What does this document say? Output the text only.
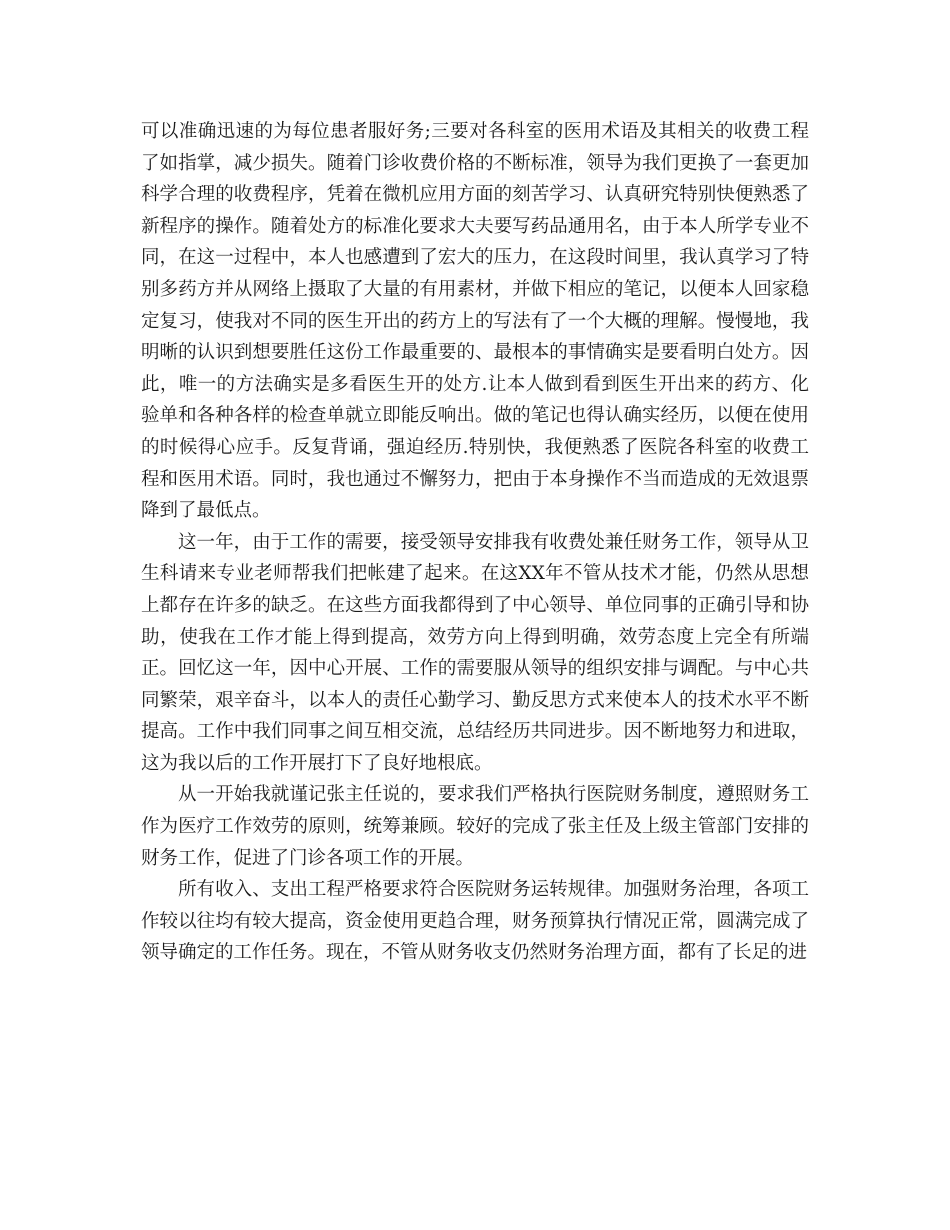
可以准确迅速的为每位患者服好务;三要对各科室的医用术语及其相关的收费工程了如指掌，减少损失。随着门诊收费价格的不断标准，领导为我们更换了一套更加科学合理的收费程序，凭着在微机应用方面的刻苦学习、认真研究特别快便熟悉了新程序的操作。随着处方的标准化要求大夫要写药品通用名，由于本人所学专业不同，在这一过程中，本人也感遭到了宏大的压力，在这段时间里，我认真学习了特别多药方并从网络上摄取了大量的有用素材，并做下相应的笔记，以便本人回家稳定复习，使我对不同的医生开出的药方上的写法有了一个大概的理解。慢慢地，我明晰的认识到想要胜任这份工作最重要的、最根本的事情确实是要看明白处方。因此，唯一的方法确实是多看医生开的处方.让本人做到看到医生开出来的药方、化验单和各种各样的检查单就立即能反响出。做的笔记也得认确实经历，以便在使用的时候得心应手。反复背诵，强迫经历.特别快，我便熟悉了医院各科室的收费工程和医用术语。同时，我也通过不懈努力，把由于本身操作不当而造成的无效退票降到了最低点。

这一年，由于工作的需要，接受领导安排我有收费处兼任财务工作，领导从卫生科请来专业老师帮我们把帐建了起来。在这XX年不管从技术才能，仍然从思想上都存在许多的缺乏。在这些方面我都得到了中心领导、单位同事的正确引导和协助，使我在工作才能上得到提高，效劳方向上得到明确，效劳态度上完全有所端正。回忆这一年，因中心开展、工作的需要服从领导的组织安排与调配。与中心共同繁荣，艰辛奋斗，以本人的责任心勤学习、勤反思方式来使本人的技术水平不断提高。工作中我们同事之间互相交流，总结经历共同进步。因不断地努力和进取，这为我以后的工作开展打下了良好地根底。

从一开始我就谨记张主任说的，要求我们严格执行医院财务制度，遵照财务工作为医疗工作效劳的原则，统筹兼顾。较好的完成了张主任及上级主管部门安排的财务工作，促进了门诊各项工作的开展。

所有收入、支出工程严格要求符合医院财务运转规律。加强财务治理，各项工作较以往均有较大提高，资金使用更趋合理，财务预算执行情况正常，圆满完成了领导确定的工作任务。现在，不管从财务收支仍然财务治理方面，都有了长足的进
